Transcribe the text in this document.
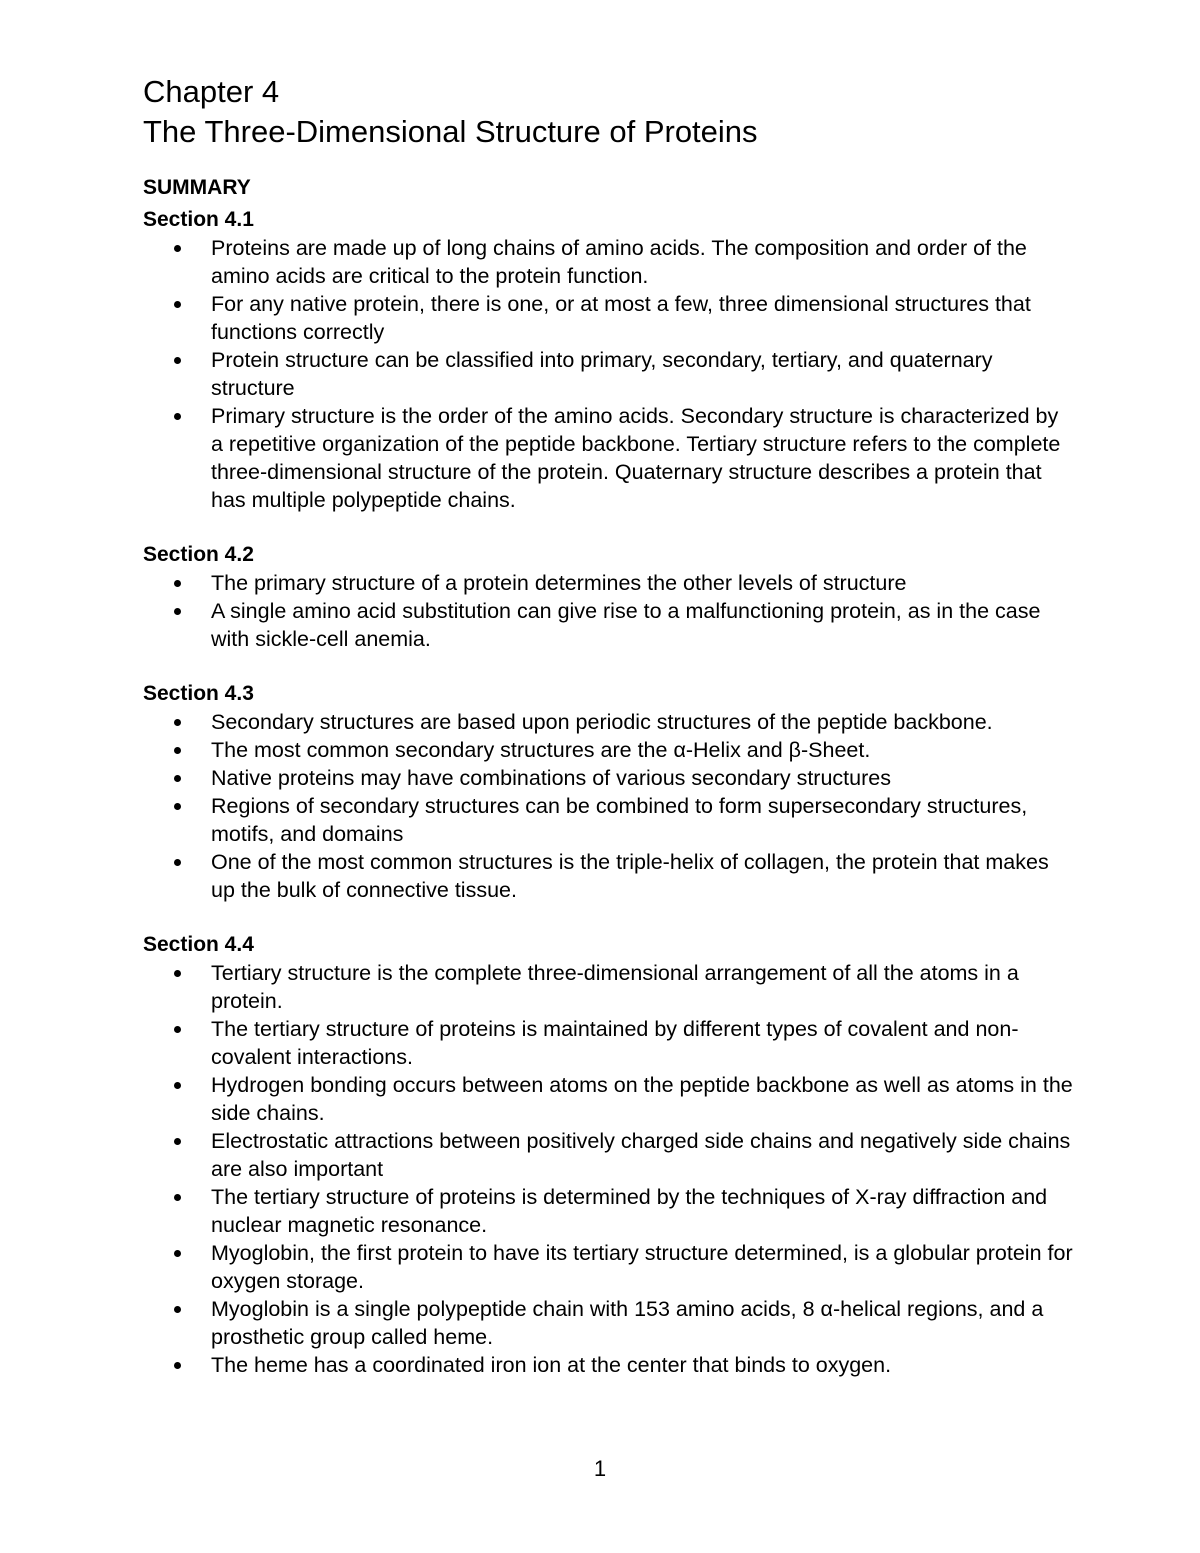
Chapter 4
The Three-Dimensional Structure of Proteins
SUMMARY
Section 4.1
Proteins are made up of long chains of amino acids. The composition and order of the amino acids are critical to the protein function.
For any native protein, there is one, or at most a few, three dimensional structures that functions correctly
Protein structure can be classified into primary, secondary, tertiary, and quaternary structure
Primary structure is the order of the amino acids. Secondary structure is characterized by a repetitive organization of the peptide backbone. Tertiary structure refers to the complete three-dimensional structure of the protein. Quaternary structure describes a protein that has multiple polypeptide chains.
Section 4.2
The primary structure of a protein determines the other levels of structure
A single amino acid substitution can give rise to a malfunctioning protein, as in the case with sickle-cell anemia.
Section 4.3
Secondary structures are based upon periodic structures of the peptide backbone.
The most common secondary structures are the α-Helix and β-Sheet.
Native proteins may have combinations of various secondary structures
Regions of secondary structures can be combined to form supersecondary structures, motifs, and domains
One of the most common structures is the triple-helix of collagen, the protein that makes up the bulk of connective tissue.
Section 4.4
Tertiary structure is the complete three-dimensional arrangement of all the atoms in a protein.
The tertiary structure of proteins is maintained by different types of covalent and non-covalent interactions.
Hydrogen bonding occurs between atoms on the peptide backbone as well as atoms in the side chains.
Electrostatic attractions between positively charged side chains and negatively side chains are also important
The tertiary structure of proteins is determined by the techniques of X-ray diffraction and nuclear magnetic resonance.
Myoglobin, the first protein to have its tertiary structure determined, is a globular protein for oxygen storage.
Myoglobin is a single polypeptide chain with 153 amino acids, 8 α-helical regions, and a prosthetic group called heme.
The heme has a coordinated iron ion at the center that binds to oxygen.
1
